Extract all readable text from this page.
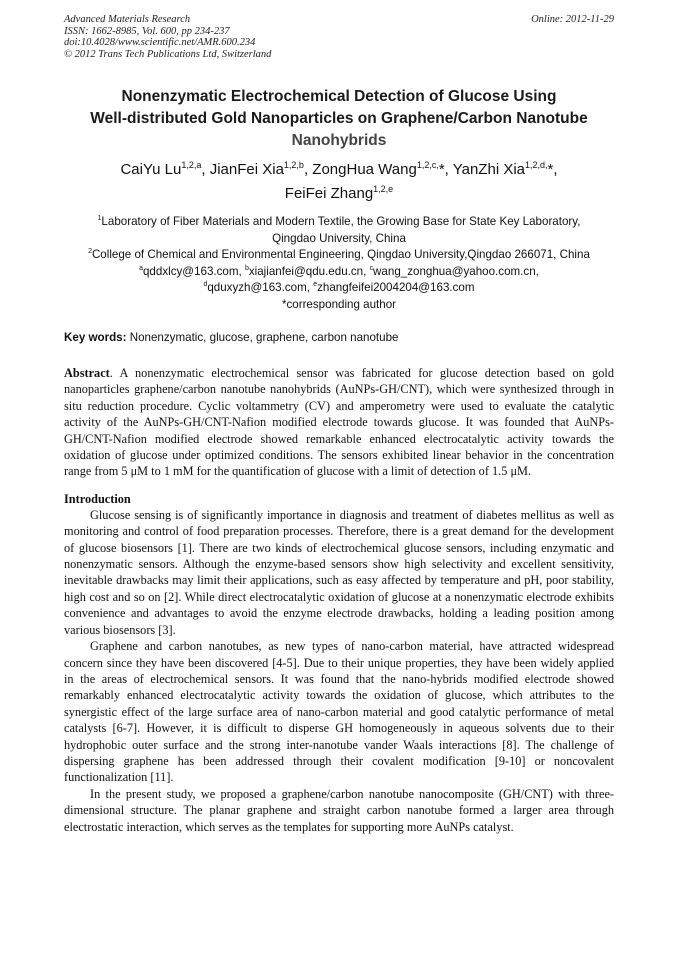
Advanced Materials Research	Online: 2012-11-29
ISSN: 1662-8985, Vol. 600, pp 234-237
doi:10.4028/www.scientific.net/AMR.600.234
© 2012 Trans Tech Publications Ltd, Switzerland
Nonenzymatic Electrochemical Detection of Glucose Using
Well-distributed Gold Nanoparticles on Graphene/Carbon Nanotube
Nanohybrids
CaiYu Lu$^{1,2,a}$, JianFei Xia$^{1,2,b}$, ZongHua Wang$^{1,2,c,}$*, YanZhi Xia$^{1,2,d,}$*,
FeiFei Zhang$^{1,2,e}$
$^1$Laboratory of Fiber Materials and Modern Textile, the Growing Base for State Key Laboratory,
Qingdao University, China
$^2$College of Chemical and Environmental Engineering, Qingdao University,Qingdao 266071, China
$^a$qddxlcy@163.com, $^b$xiajianfei@qdu.edu.cn, $^c$wang_zonghua@yahoo.com.cn,
$^d$qduxyzh@163.com, $^e$zhangfeifei2004204@163.com
*corresponding author
Key words: Nonenzymatic, glucose, graphene, carbon nanotube
Abstract. A nonenzymatic electrochemical sensor was fabricated for glucose detection based on gold nanoparticles graphene/carbon nanotube nanohybrids (AuNPs-GH/CNT), which were synthesized through in situ reduction procedure. Cyclic voltammetry (CV) and amperometry were used to evaluate the catalytic activity of the AuNPs-GH/CNT-Nafion modified electrode towards glucose. It was founded that AuNPs-GH/CNT-Nafion modified electrode showed remarkable enhanced electrocatalytic activity towards the oxidation of glucose under optimized conditions. The sensors exhibited linear behavior in the concentration range from 5 μM to 1 mM for the quantification of glucose with a limit of detection of 1.5 μM.
Introduction

Glucose sensing is of significantly importance in diagnosis and treatment of diabetes mellitus as well as monitoring and control of food preparation processes. Therefore, there is a great demand for the development of glucose biosensors [1]. There are two kinds of electrochemical glucose sensors, including enzymatic and nonenzymatic sensors. Although the enzyme-based sensors show high selectivity and excellent sensitivity, inevitable drawbacks may limit their applications, such as easy affected by temperature and pH, poor stability, high cost and so on [2]. While direct electrocatalytic oxidation of glucose at a nonenzymatic electrode exhibits convenience and advantages to avoid the enzyme electrode drawbacks, holding a leading position among various biosensors [3].

Graphene and carbon nanotubes, as new types of nano-carbon material, have attracted widespread concern since they have been discovered [4-5]. Due to their unique properties, they have been widely applied in the areas of electrochemical sensors. It was found that the nano-hybrids modified electrode showed remarkably enhanced electrocatalytic activity towards the oxidation of glucose, which attributes to the synergistic effect of the large surface area of nano-carbon material and good catalytic performance of metal catalysts [6-7]. However, it is difficult to disperse GH homogeneously in aqueous solvents due to their hydrophobic outer surface and the strong inter-nanotube vander Waals interactions [8]. The challenge of dispersing graphene has been addressed through their covalent modification [9-10] or noncovalent functionalization [11].

In the present study, we proposed a graphene/carbon nanotube nanocomposite (GH/CNT) with three-dimensional structure. The planar graphene and straight carbon nanotube formed a larger area through electrostatic interaction, which serves as the templates for supporting more AuNPs catalyst.
